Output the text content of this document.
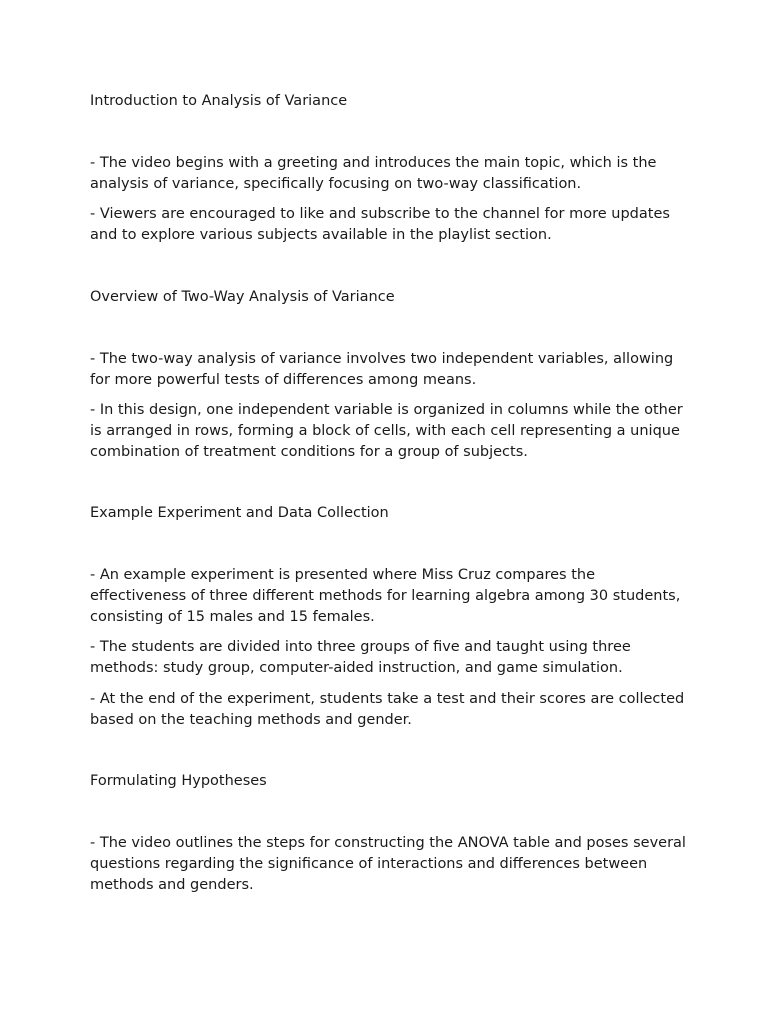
Introduction to Analysis of Variance

- The video begins with a greeting and introduces the main topic, which is the analysis of variance, specifically focusing on two-way classification.

- Viewers are encouraged to like and subscribe to the channel for more updates and to explore various subjects available in the playlist section.

Overview of Two-Way Analysis of Variance

- The two-way analysis of variance involves two independent variables, allowing for more powerful tests of differences among means.

- In this design, one independent variable is organized in columns while the other is arranged in rows, forming a block of cells, with each cell representing a unique combination of treatment conditions for a group of subjects.

Example Experiment and Data Collection

- An example experiment is presented where Miss Cruz compares the effectiveness of three different methods for learning algebra among 30 students, consisting of 15 males and 15 females.

- The students are divided into three groups of five and taught using three methods: study group, computer-aided instruction, and game simulation.

- At the end of the experiment, students take a test and their scores are collected based on the teaching methods and gender.

Formulating Hypotheses

- The video outlines the steps for constructing the ANOVA table and poses several questions regarding the significance of interactions and differences between methods and genders.
